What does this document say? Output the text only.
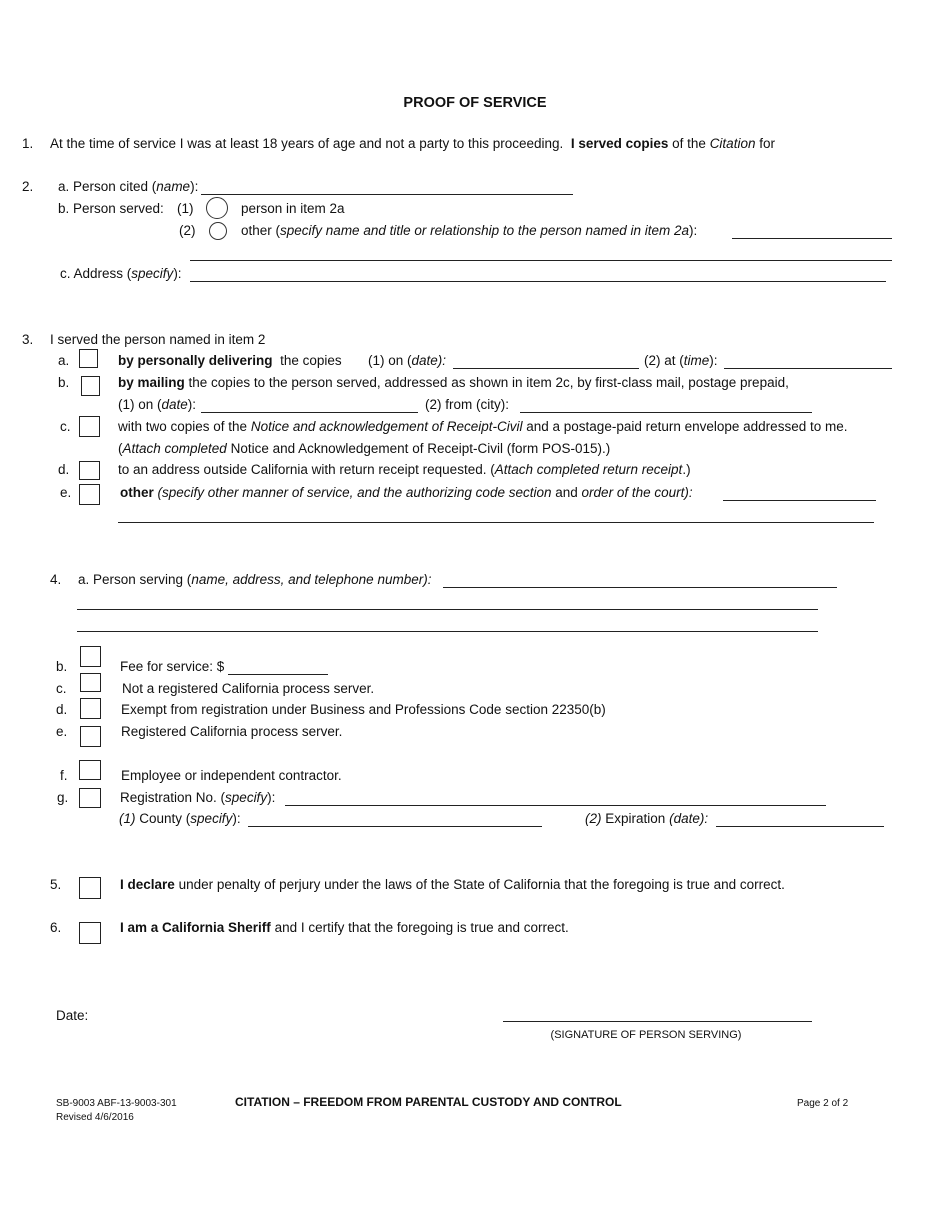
PROOF OF SERVICE
1. At the time of service I was at least 18 years of age and not a party to this proceeding. I served copies of the Citation for
2. a. Person cited (name):
b. Person served: (1)	person in item 2a
(2)	other (specify name and title or relationship to the person named in item 2a):
c. Address (specify):
3. I served the person named in item 2
a.	by personally delivering the copies (1) on (date):	(2) at (time):
b.	by mailing the copies to the person served, addressed as shown in item 2c, by first-class mail, postage prepaid,
(1) on (date):	(2) from (city):
c.	with two copies of the Notice and acknowledgement of Receipt-Civil and a postage-paid return envelope addressed to me.
(Attach completed Notice and Acknowledgement of Receipt-Civil (form POS-015).)
d.	to an address outside California with return receipt requested. (Attach completed return receipt.)
e.	other (specify other manner of service, and the authorizing code section and order of the court):
4. a. Person serving (name, address, and telephone number):
b.	Fee for service: $
c.	Not a registered California process server.
d.	Exempt from registration under Business and Professions Code section 22350(b)
e.	Registered California process server.
f.	Employee or independent contractor.
g.	Registration No. (specify):
(1) County (specify):	(2) Expiration (date):
5.	I declare under penalty of perjury under the laws of the State of California that the foregoing is true and correct.
6.	I am a California Sheriff and I certify that the foregoing is true and correct.
Date:
(SIGNATURE OF PERSON SERVING)
SB-9003 ABF-13-9003-301
Revised 4/6/2016
CITATION – FREEDOM FROM PARENTAL CUSTODY AND CONTROL	Page 2 of 2
